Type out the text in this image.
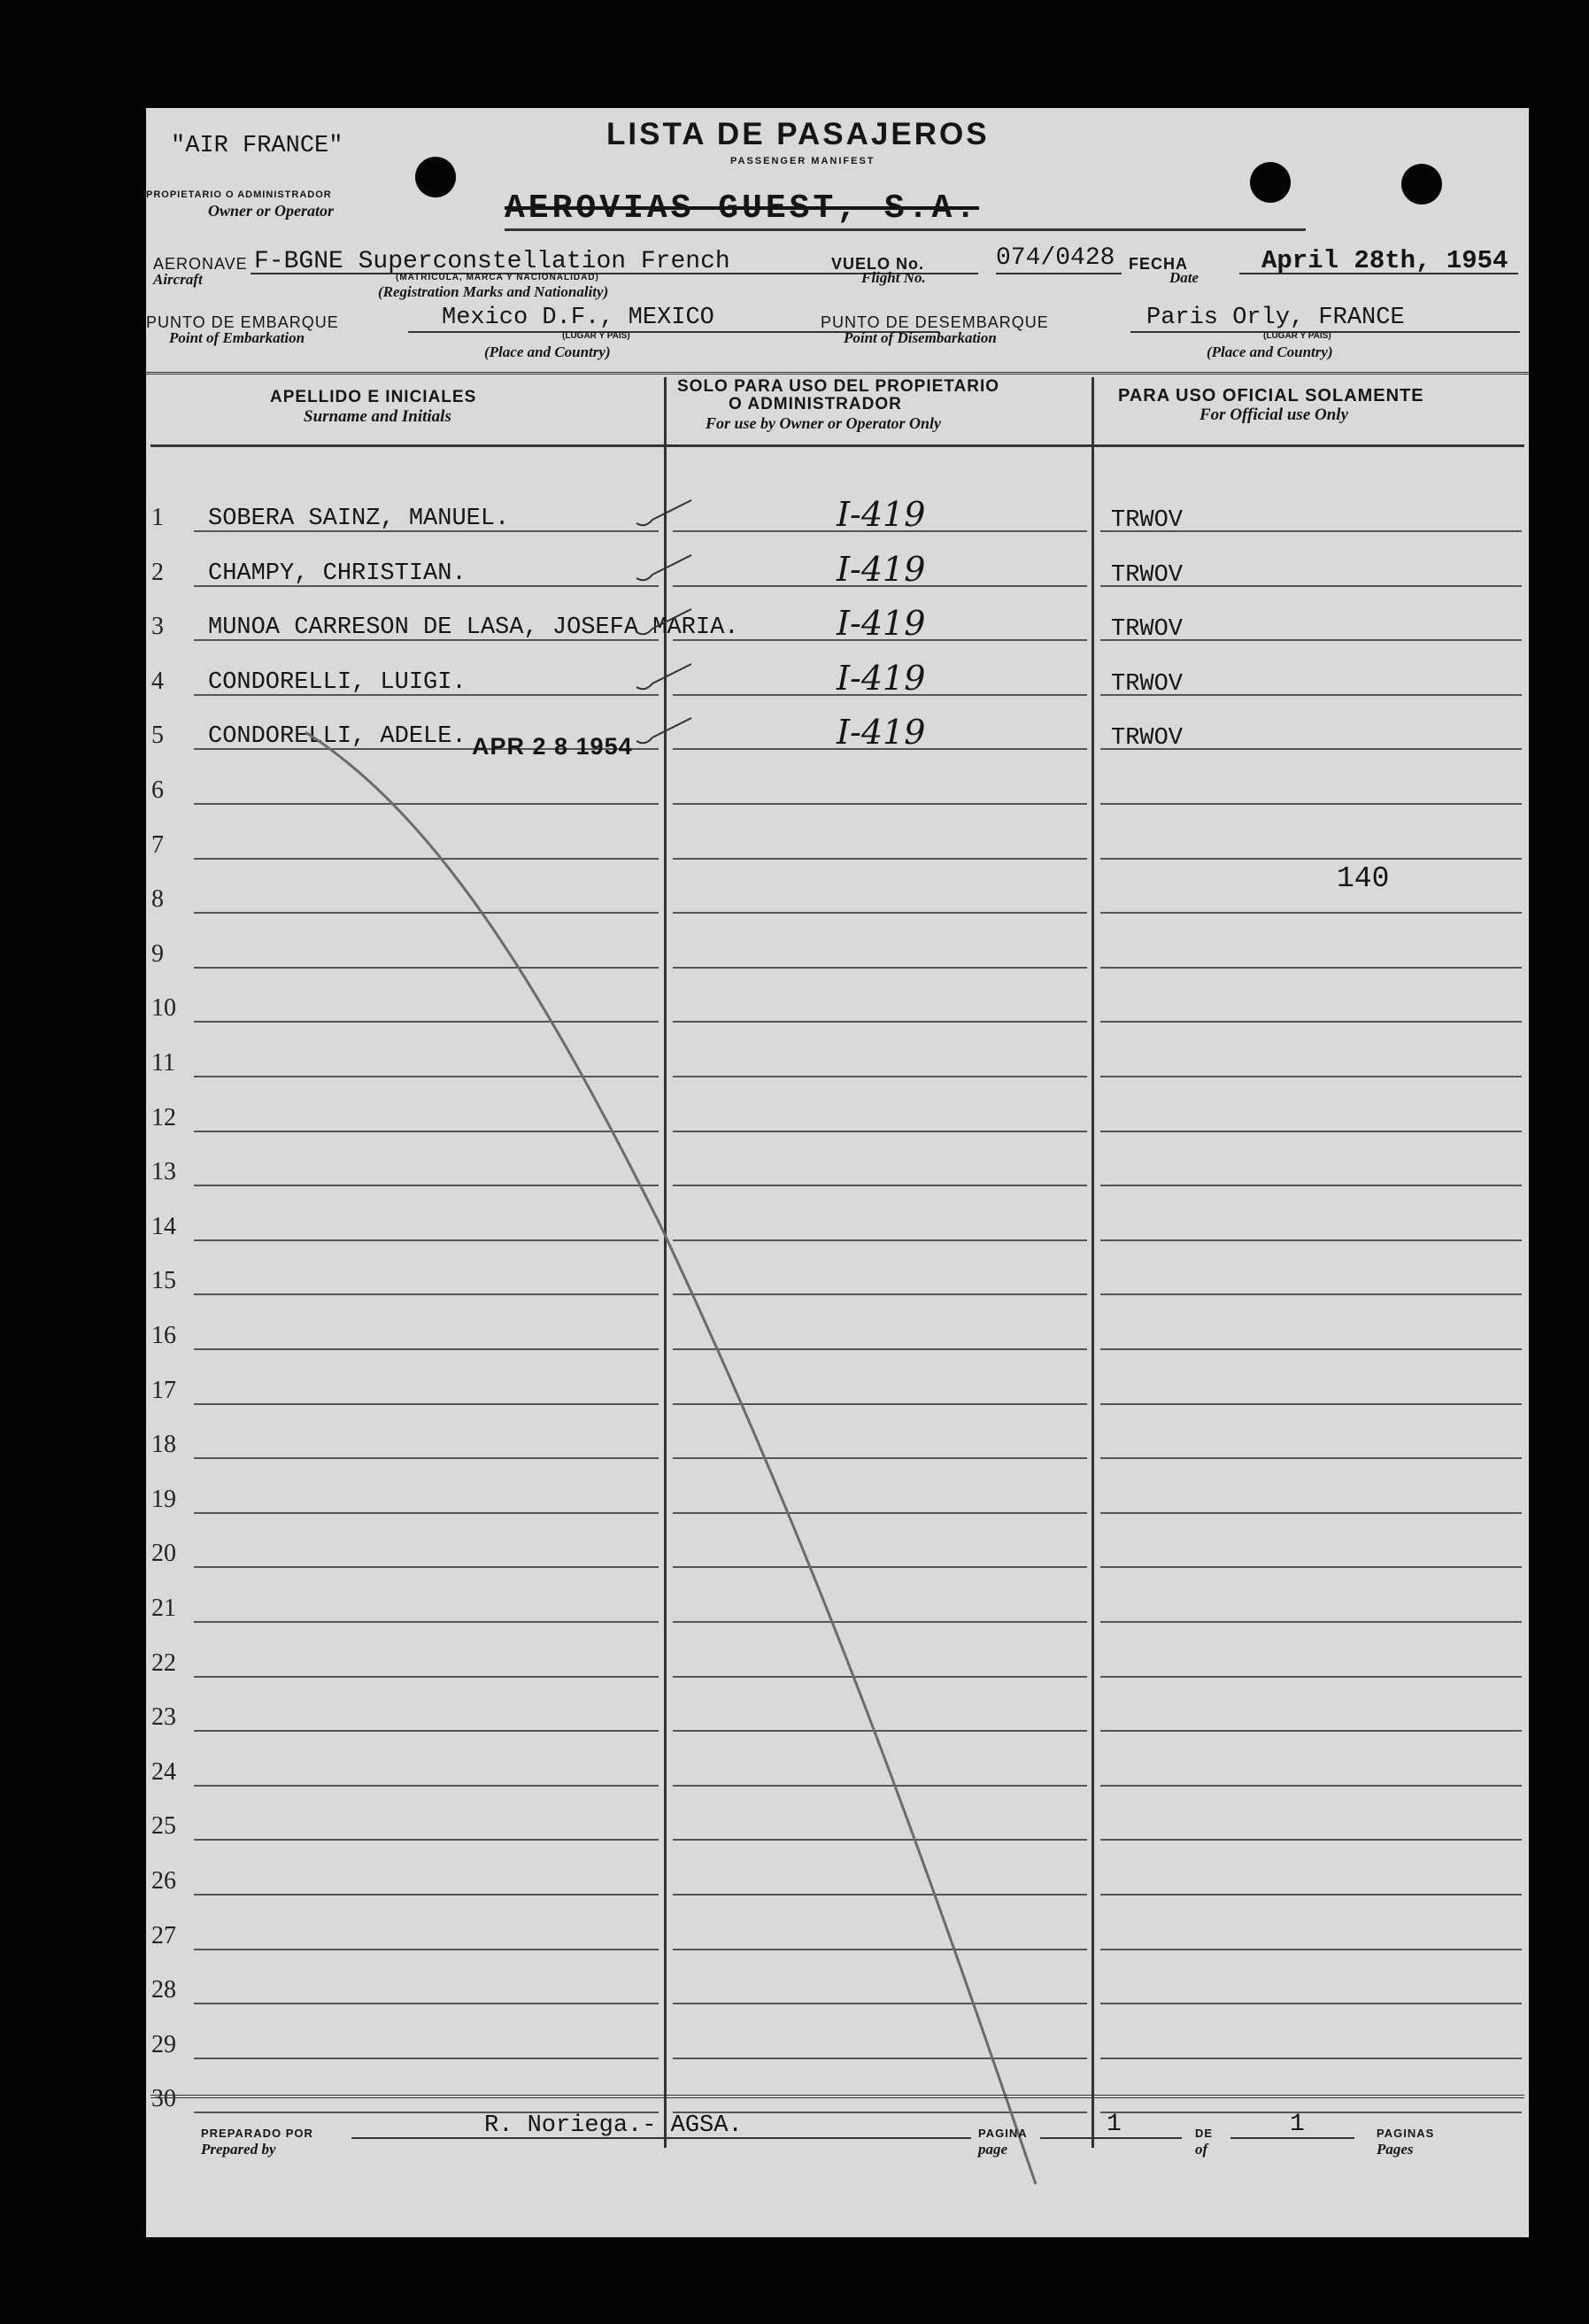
LISTA DE PASAJEROS
PASSENGER MANIFEST
"AIR FRANCE"
PROPIETARIO O ADMINISTRADOR
Owner or Operator	AEROVIAS GUEST, S.A.
AERONAVE
Aircraft
F-BGNE Superconstellation French
(MATRICULA, MARCA Y NACIONALIDAD)
(Registration Marks and Nationality)
VUELO No.
Flight No.
074/0428 FECHA
Date
April 28th, 1954
PUNTO DE EMBARQUE
Point of Embarkation
Mexico D.F., MEXICO
(LUGAR Y PAIS)
(Place and Country)
PUNTO DE DESEMBARQUE
Point of Disembarkation
Paris Orly, FRANCE
(LUGAR Y PAIS)
(Place and Country)
APELLIDO E INICIALES
Surname and Initials
SOLO PARA USO DEL PROPIETARIO
O ADMINISTRADOR
For use by Owner or Operator Only
PARA USO OFICIAL SOLAMENTE
For Official use Only
1	SOBERA SAINZ, MANUEL.	I-419	TRWOV
2	CHAMPY, CHRISTIAN.	I-419	TRWOV
3	MUNOA CARRESON DE LASA, JOSEFA MARIA.	I-419	TRWOV
4	CONDORELLI, LUIGI.	I-419	TRWOV
5	CONDORELLI, ADELE.	I-419	TRWOV
6
7
8
9
10
11
12
13
14
15
16
17
18
19
20
21
22
23
24
25
26
27
28
29
30
APR 2 8 1954
140
PREPARADO POR
Prepared by
R. Noriega.- AGSA.	PAGINA
page
1	DE
of
1	PAGINAS
Pages
